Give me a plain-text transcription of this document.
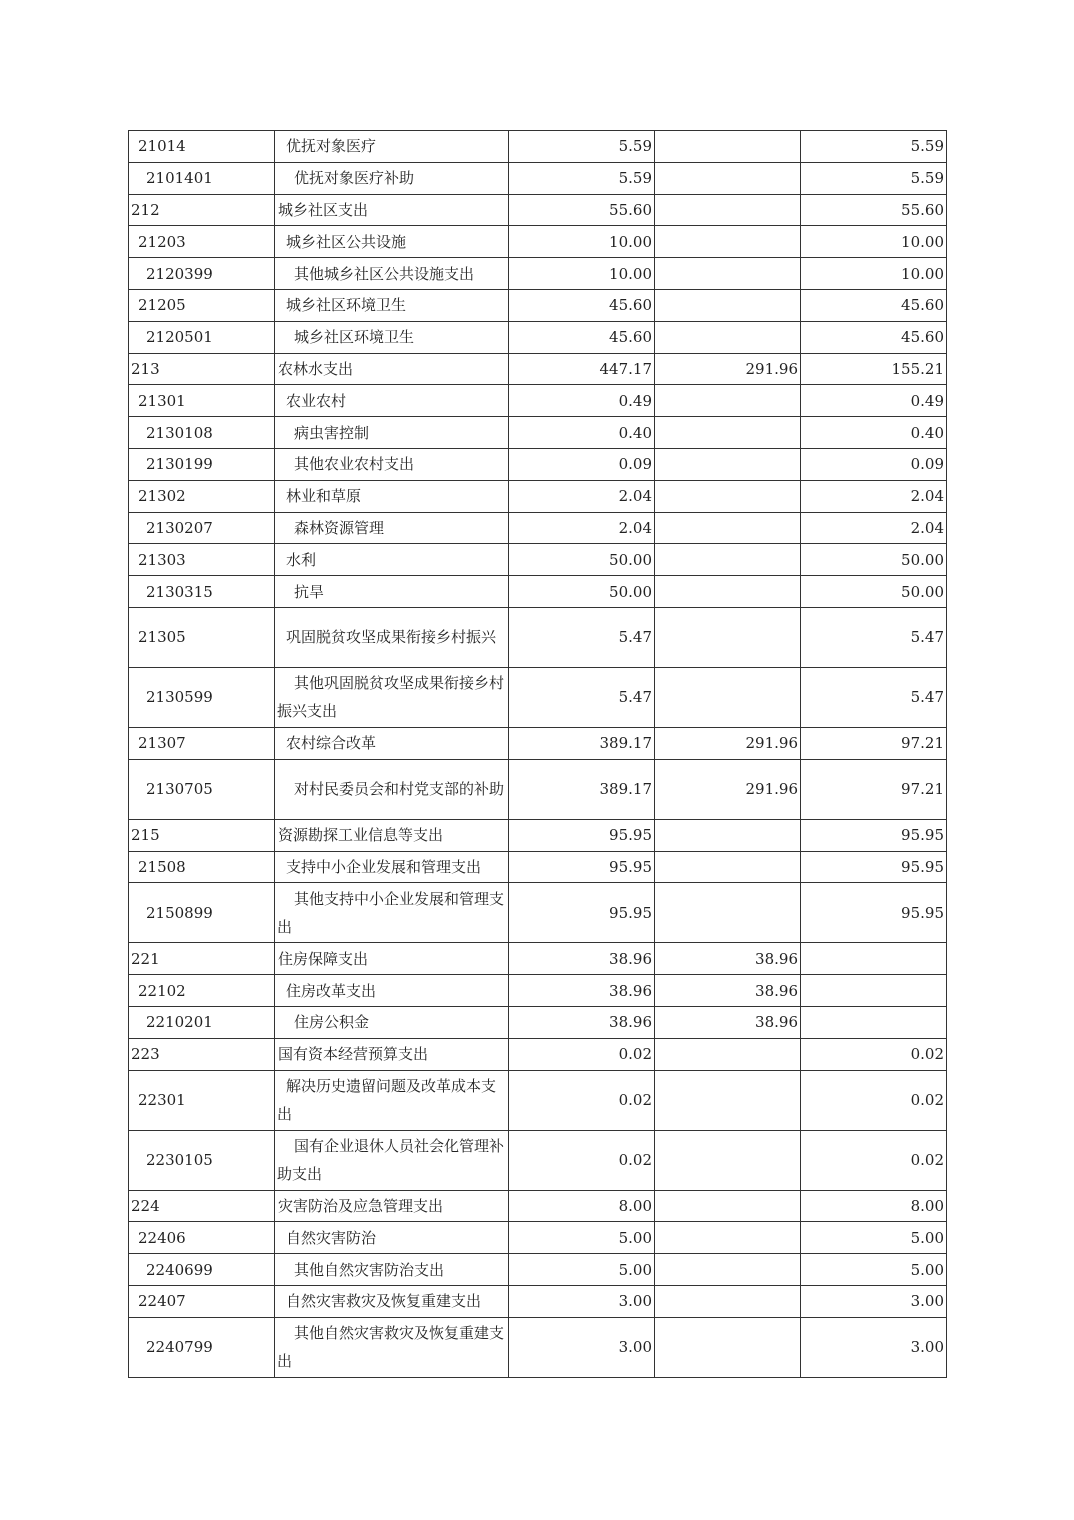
21014	优抚对象医疗	5.59		5.59
2101401	优抚对象医疗补助	5.59		5.59
212	城乡社区支出	55.60		55.60
21203	城乡社区公共设施	10.00		10.00
2120399	其他城乡社区公共设施支出	10.00		10.00
21205	城乡社区环境卫生	45.60		45.60
2120501	城乡社区环境卫生	45.60		45.60
213	农林水支出	447.17	291.96	155.21
21301	农业农村	0.49		0.49
2130108	病虫害控制	0.40		0.40
2130199	其他农业农村支出	0.09		0.09
21302	林业和草原	2.04		2.04
2130207	森林资源管理	2.04		2.04
21303	水利	50.00		50.00
2130315	抗旱	50.00		50.00
21305	巩固脱贫攻坚成果衔接乡村振兴	5.47		5.47
2130599	其他巩固脱贫攻坚成果衔接乡村振兴支出	5.47		5.47
21307	农村综合改革	389.17	291.96	97.21
2130705	对村民委员会和村党支部的补助	389.17	291.96	97.21
215	资源勘探工业信息等支出	95.95		95.95
21508	支持中小企业发展和管理支出	95.95		95.95
2150899	其他支持中小企业发展和管理支出	95.95		95.95
221	住房保障支出	38.96	38.96	
22102	住房改革支出	38.96	38.96	
2210201	住房公积金	38.96	38.96	
223	国有资本经营预算支出	0.02		0.02
22301	解决历史遗留问题及改革成本支出	0.02		0.02
2230105	国有企业退休人员社会化管理补助支出	0.02		0.02
224	灾害防治及应急管理支出	8.00		8.00
22406	自然灾害防治	5.00		5.00
2240699	其他自然灾害防治支出	5.00		5.00
22407	自然灾害救灾及恢复重建支出	3.00		3.00
2240799	其他自然灾害救灾及恢复重建支出	3.00		3.00
